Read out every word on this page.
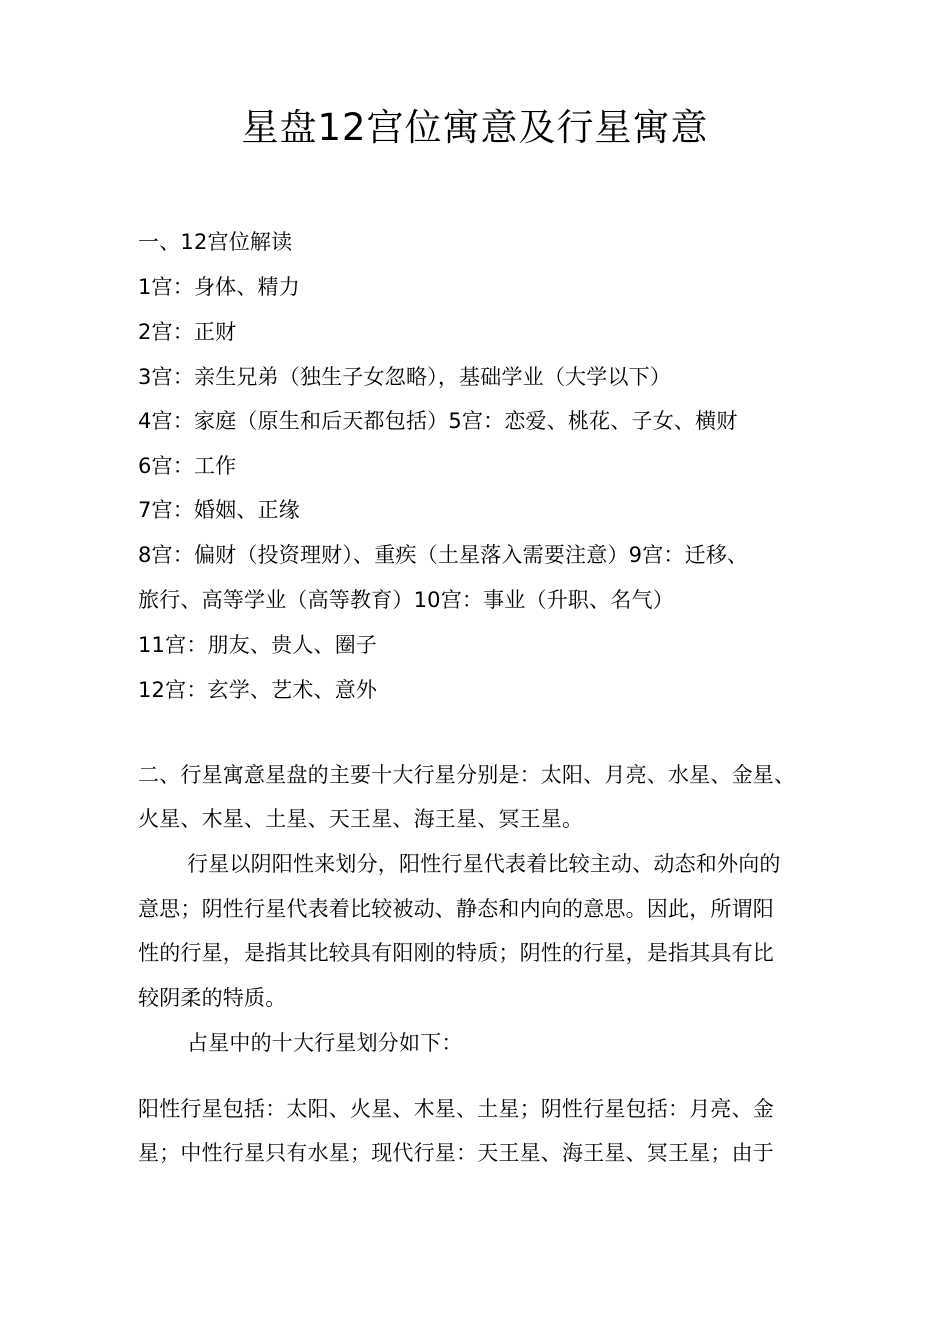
星盘12宫位寓意及行星寓意
一、12宫位解读
1宫：身体、精力
2宫：正财
3宫：亲生兄弟（独生子女忽略），基础学业（大学以下）
4宫：家庭（原生和后天都包括）5宫：恋爱、桃花、子女、横财
6宫：工作
7宫：婚姻、正缘
8宫：偏财（投资理财）、重疾（土星落入需要注意）9宫：迁移、
旅行、高等学业（高等教育）10宫：事业（升职、名气）
11宫：朋友、贵人、圈子
12宫：玄学、艺术、意外
二、行星寓意星盘的主要十大行星分别是：太阳、月亮、水星、金星、
火星、木星、土星、天王星、海王星、冥王星。
行星以阴阳性来划分，阳性行星代表着比较主动、动态和外向的
意思；阴性行星代表着比较被动、静态和内向的意思。因此，所谓阳
性的行星，是指其比较具有阳刚的特质；阴性的行星，是指其具有比
较阴柔的特质。
占星中的十大行星划分如下：
阳性行星包括：太阳、火星、木星、土星；阴性行星包括：月亮、金
星；中性行星只有水星；现代行星：天王星、海王星、冥王星；由于
